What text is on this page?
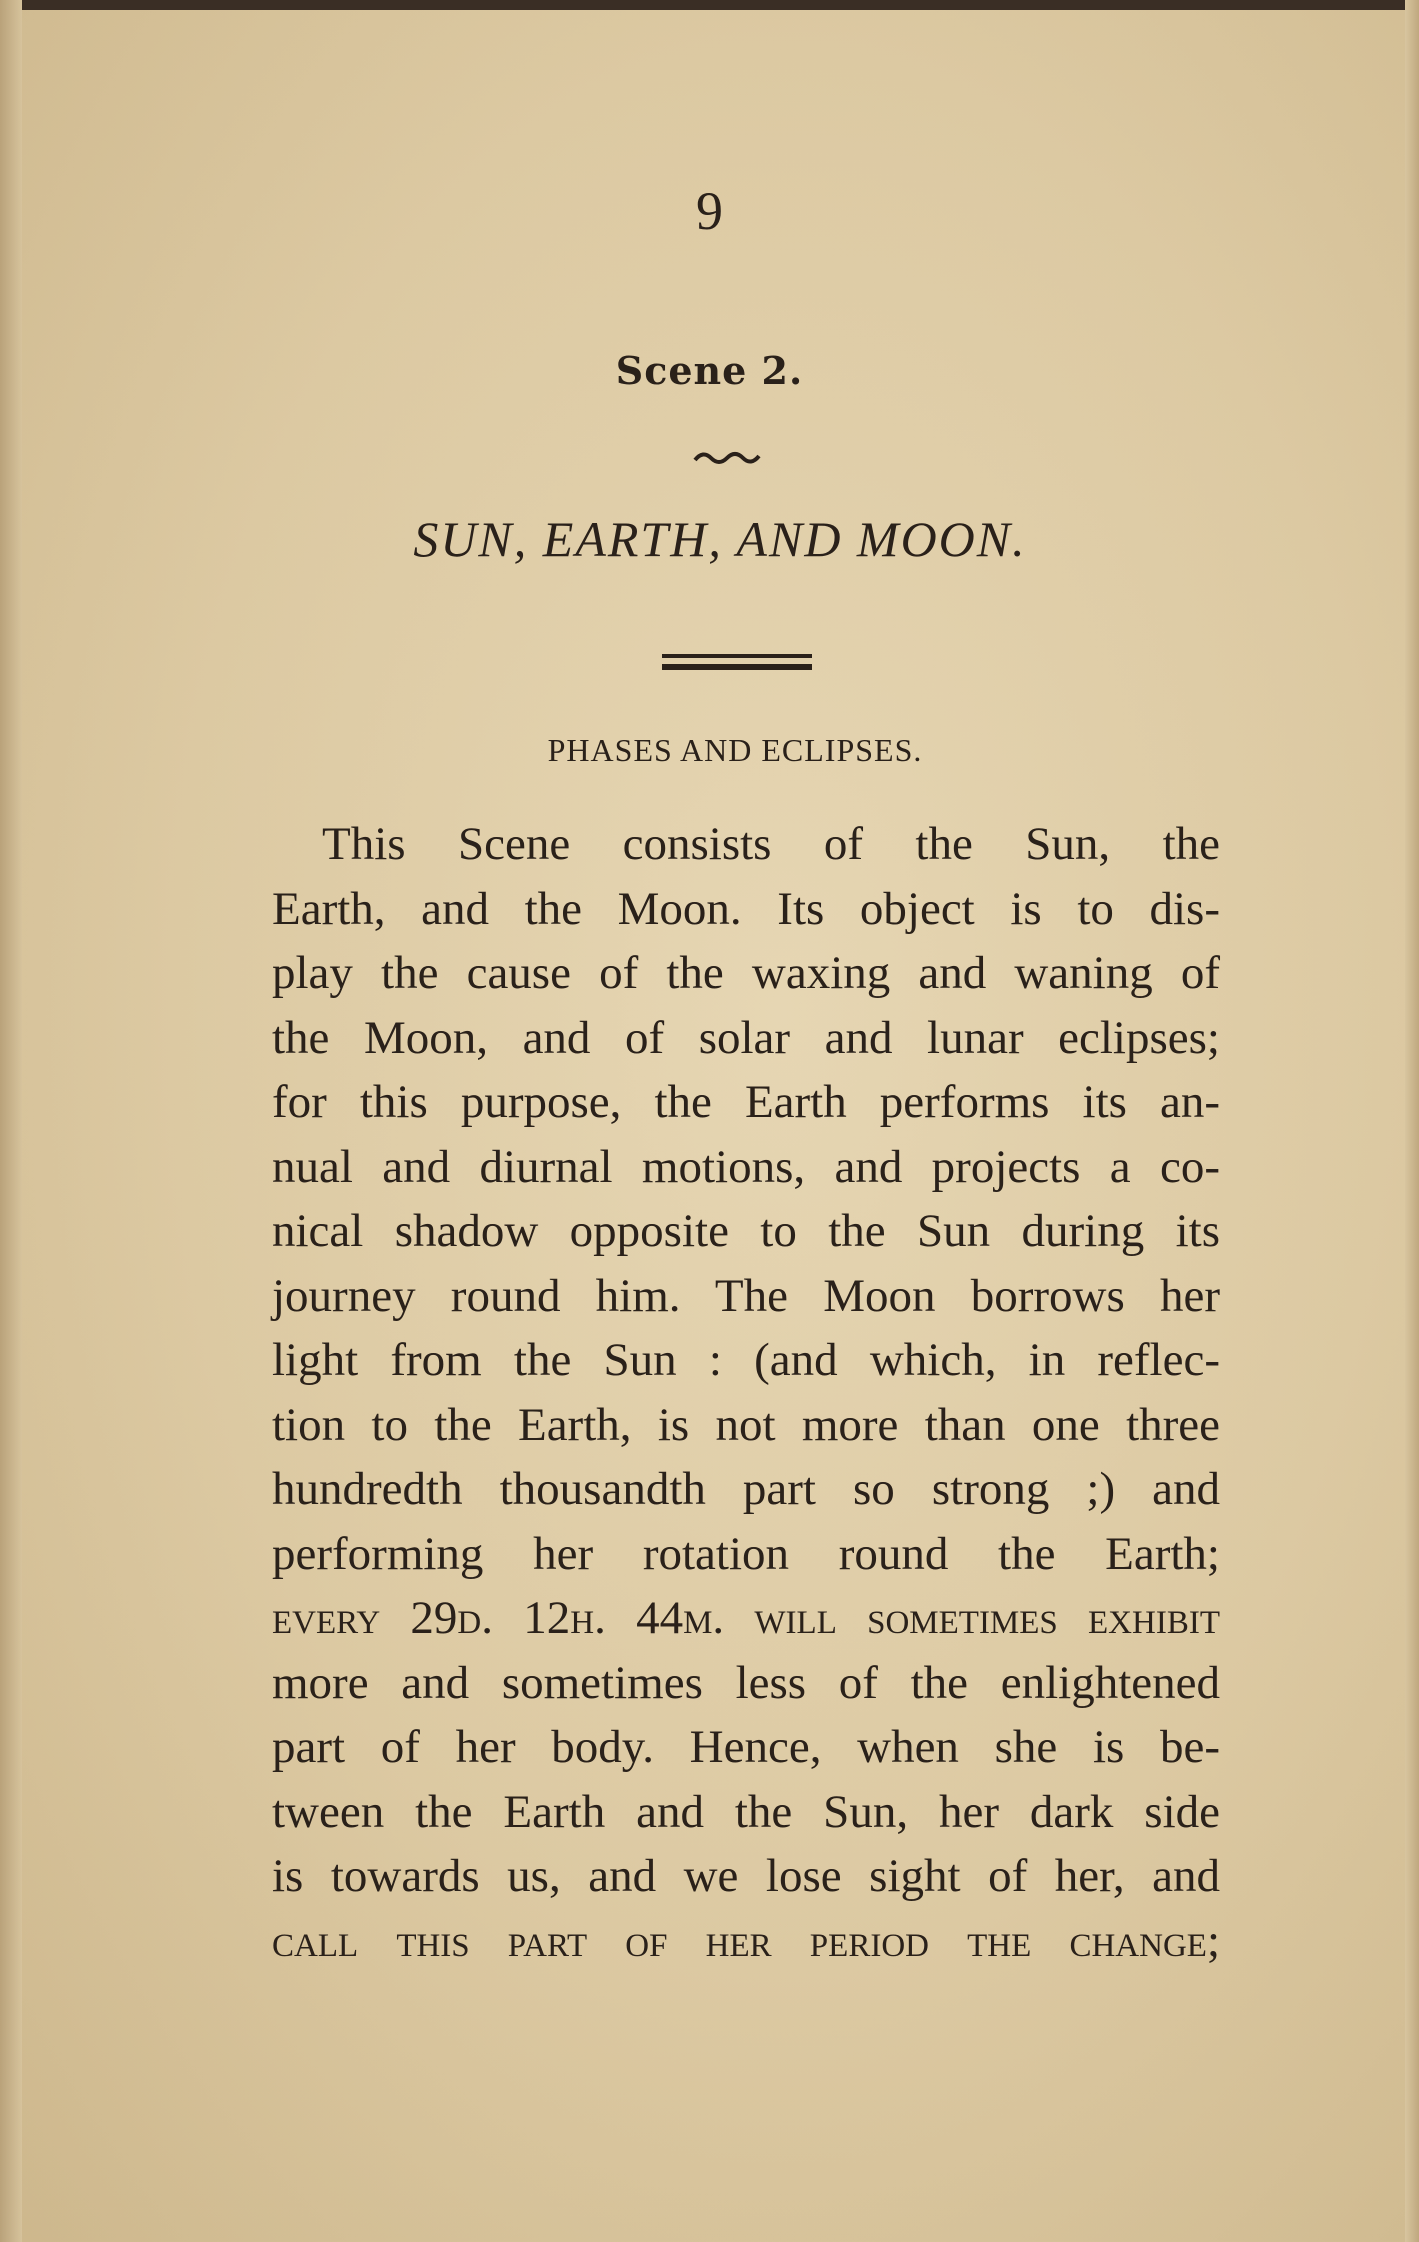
9
Scene 2.
SUN, EARTH, AND MOON.
PHASES AND ECLIPSES.
This Scene consists of the Sun, the
Earth, and the Moon. Its object is to dis-
play the cause of the waxing and waning of
the Moon, and of solar and lunar eclipses;
for this purpose, the Earth performs its an-
nual and diurnal motions, and projects a co-
nical shadow opposite to the Sun during its
journey round him. The Moon borrows her
light from the Sun : (and which, in reflec-
tion to the Earth, is not more than one three
hundredth thousandth part so strong ;) and
performing her rotation round the Earth;
every 29d. 12h. 44m. will sometimes exhibit
more and sometimes less of the enlightened
part of her body. Hence, when she is be-
tween the Earth and the Sun, her dark side
is towards us, and we lose sight of her, and
call this part of her period the change;
